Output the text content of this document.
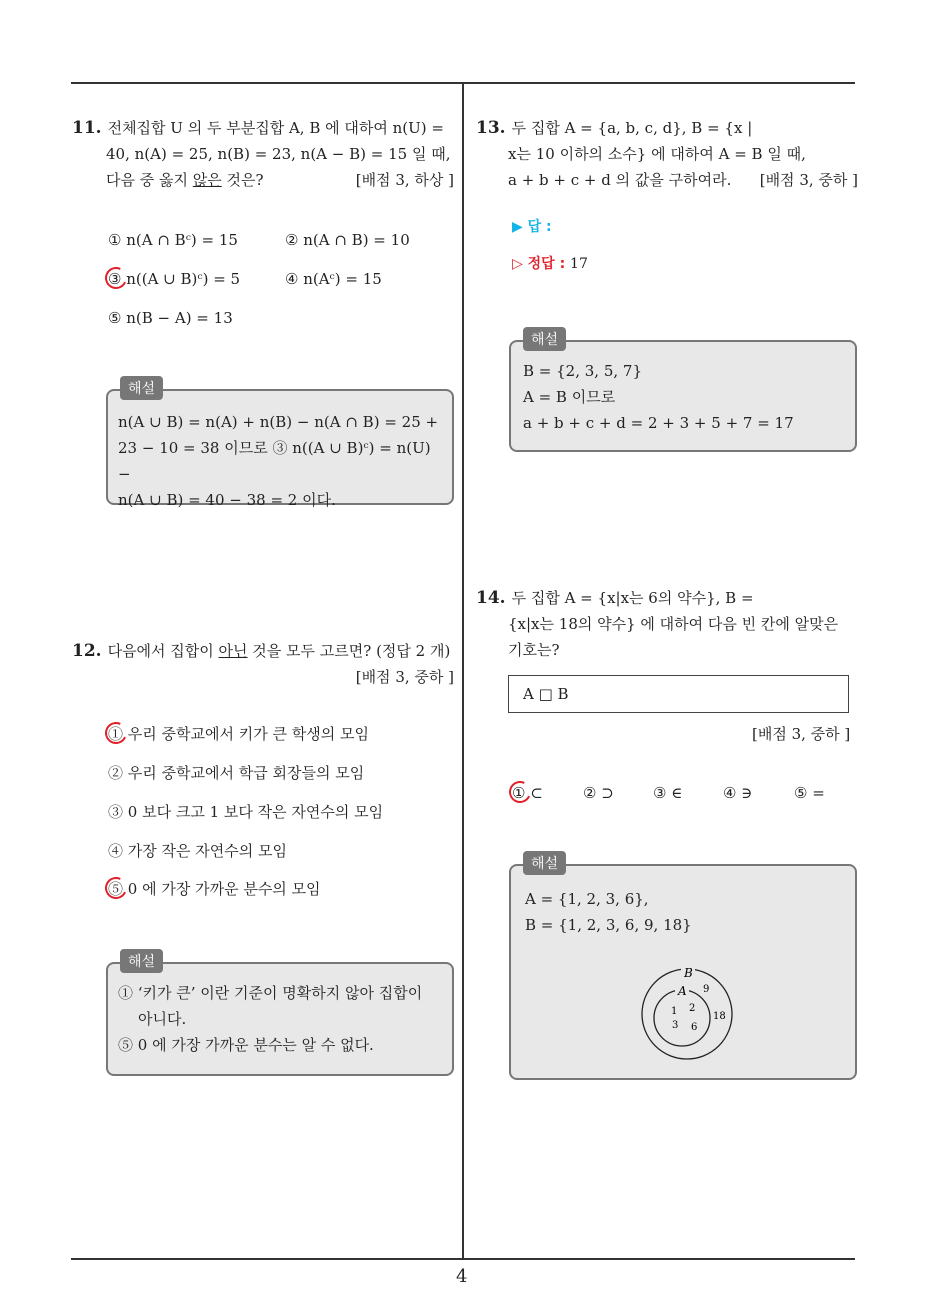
4
11. 전체집합 U 의 두 부분집합 A, B 에 대하여 n(U) =
40, n(A) = 25, n(B) = 23, n(A − B) = 15 일 때,
다음 중 옳지 않은 것은?	[배점 3, 하상 ]
① n(A ∩ Bᶜ) = 15	② n(A ∩ B) = 10
③ n((A ∪ B)ᶜ) = 5	④ n(Aᶜ) = 15
⑤ n(B − A) = 13
n(A ∪ B) = n(A) + n(B) − n(A ∩ B) = 25 +
23 − 10 = 38 이므로 ③ n((A ∪ B)ᶜ) = n(U) −
n(A ∪ B) = 40 − 38 = 2 이다.
해설
12. 다음에서 집합이 아닌 것을 모두 고르면? (정답 2 개)
[배점 3, 중하 ]
① 우리 중학교에서 키가 큰 학생의 모임
② 우리 중학교에서 학급 회장들의 모임
③ 0 보다 크고 1 보다 작은 자연수의 모임
④ 가장 작은 자연수의 모임
⑤ 0 에 가장 가까운 분수의 모임
① ‘키가 큰’ 이란 기준이 명확하지 않아 집합이
아니다.
⑤ 0 에 가장 가까운 분수는 알 수 없다.
해설
13. 두 집합 A = {a, b, c, d}, B = {x |
x는 10 이하의 소수} 에 대하여 A = B 일 때,
a + b + c + d 의 값을 구하여라. [배점 3, 중하 ]
▶ 답 :
▷ 정답 : 17
B = {2, 3, 5, 7}
A = B 이므로
a + b + c + d = 2 + 3 + 5 + 7 = 17
해설
14. 두 집합 A = {x|x는 6의 약수}, B =
{x|x는 18의 약수} 에 대하여 다음 빈 칸에 알맞은
기호는?
A □ B
[배점 3, 중하 ]
① ⊂	② ⊃	③ ∈	④ ∋	⑤ =
A = {1, 2, 3, 6},
B = {1, 2, 3, 6, 9, 18}
B
A
1 2
3 6
9
18
해설
